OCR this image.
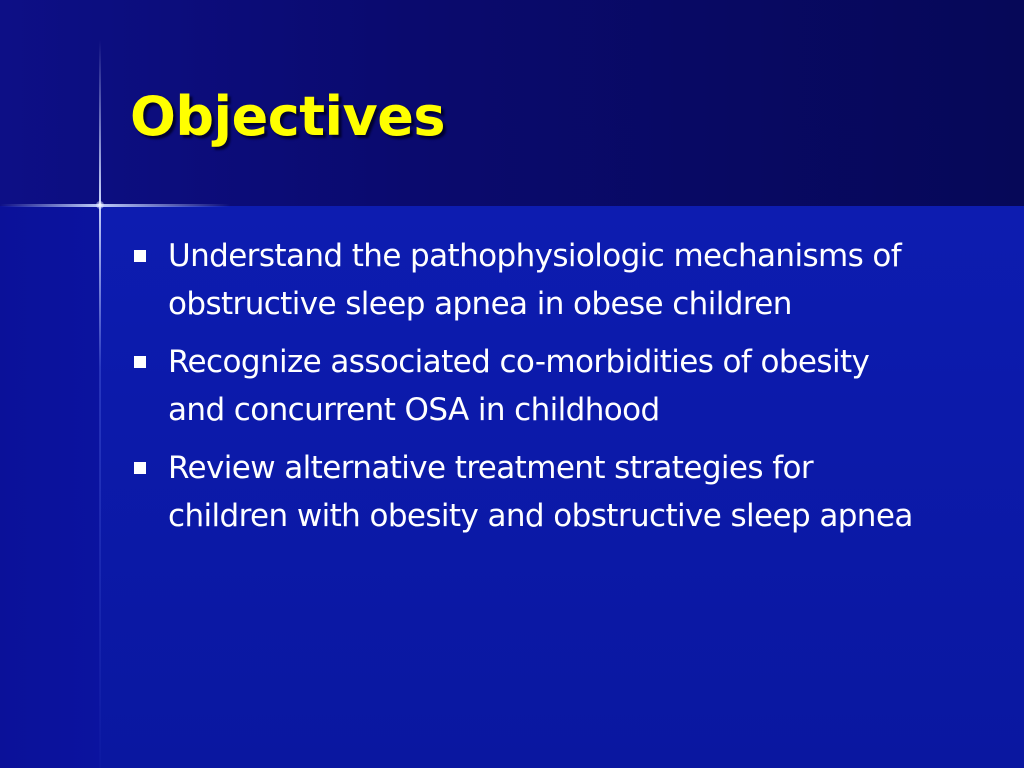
Objectives
Understand the pathophysiologic mechanisms of obstructive sleep apnea in obese children
Recognize associated co-morbidities of obesity and concurrent OSA in childhood
Review alternative treatment strategies for children with obesity and obstructive sleep apnea
